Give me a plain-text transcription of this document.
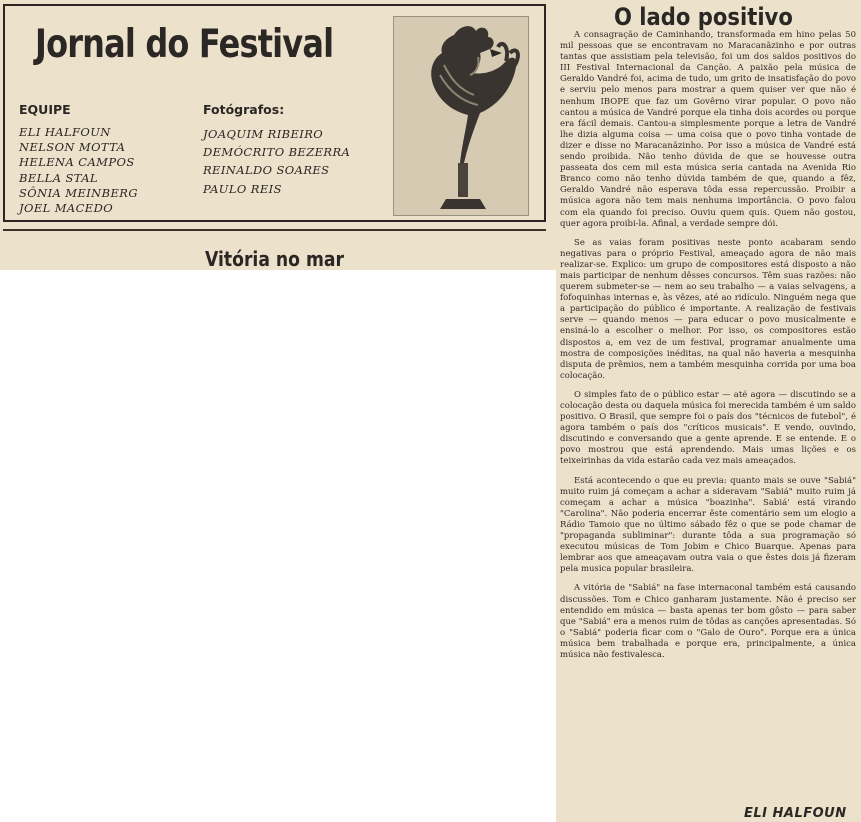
Jornal do Festival
EQUIPE
ELI HALFOUN
NELSON MOTTA
HELENA CAMPOS
BELLA STAL
SÔNIA MEINBERG
JOEL MACEDO
Fotógrafos:
JOAQUIM RIBEIRO
DEMÓCRITO BEZERRA
REINALDO SOARES
PAULO REIS
Vitória no mar
O lado positivo

A consagração de Caminhando, transformada em hino pelas 50 mil pessoas que se encontravam no Maracanãzinho e por outras tantas que assistiam pela televisão, foi um dos saldos positivos do III Festival Internacional da Canção. A paixão pela música de Geraldo Vandré foi, acima de tudo, um grito de insatisfação do povo e serviu pelo menos para mostrar a quem quiser ver que não é nenhum IBOPE que faz um Govêrno virar popular. O povo não cantou a música de Vandré porque ela tinha dois acordes ou porque era fácil demais. Cantou-a simplesmente porque a letra de Vandré lhe dizia alguma coisa — uma coisa que o povo tinha vontade de dizer e disse no Maracanãzinho. Por isso a música de Vandré está sendo proibida. Não tenho dúvida de que se houvesse outra passeata dos cem mil esta música seria cantada na Avenida Rio Branco como não tenho dúvida também de que, quando a fêz, Geraldo Vandré não esperava tôda essa repercussão. Proibir a música agora não tem mais nenhuma importância. O povo falou com ela quando foi preciso. Ouviu quem quis. Quem não gostou, quer agora proibi-la. Afinal, a verdade sempre dói.

Se as vaias foram positivas neste ponto acabaram sendo negativas para o próprio Festival, ameaçado agora de não mais realizar-se. Explico: um grupo de compositores está disposto a não mais participar de nenhum dêsses concursos. Têm suas razões: não querem submeter-se — nem ao seu trabalho — a vaias selvagens, a fofoquinhas internas e, às vêzes, até ao ridículo. Ninguém nega que a participação do público é importante. A realização de festivais serve — quando menos — para educar o povo musicalmente e ensiná-lo a escolher o melhor. Por isso, os compositores estão dispostos a, em vez de um festival, programar anualmente uma mostra de composições inéditas, na qual não haveria a mesquinha disputa de prêmios, nem a também mesquinha corrida por uma boa colocação.

O simples fato de o público estar — até agora — discutindo se a colocação desta ou daquela música foi merecida também é um saldo positivo. O Brasil, que sempre foi o país dos "técnicos de futebol", é agora também o país dos "críticos musicais". E vendo, ouvindo, discutindo e conversando que a gente aprende. E se entende. E o povo mostrou que está aprendendo. Mais umas lições e os teixeirinhas da vida estarão cada vez mais ameaçados.

Está acontecendo o que eu previa: quanto mais se ouve "Sabiá" muito ruim já começam a achar a sideravam "Sabiá" muito ruim já começam a achar a música "boazinha". Sabiá' está virando "Carolina". Não poderia encerrar êste comentário sem um elogio a Rádio Tamoio que no último sábado fêz o que se pode chamar de "propaganda subliminar": durante tôda a sua programação só executou músicas de Tom Jobim e Chico Buarque. Apenas para lembrar aos que ameaçavam outra vaia o que êstes dois já fizeram pela musica popular brasileira.

A vitória de "Sabiá" na fase internaconal também está causando discussões. Tom e Chico ganharam justamente. Não é preciso ser entendido em música — basta apenas ter bom gôsto — para saber que "Sabiá" era a menos ruim de tôdas as canções apresentadas. Só o "Sabiá" poderia ficar com o "Galo de Ouro". Porque era a única música bem trabalhada e porque era, principalmente, a única música não festivalesca.

ELI HALFOUN
